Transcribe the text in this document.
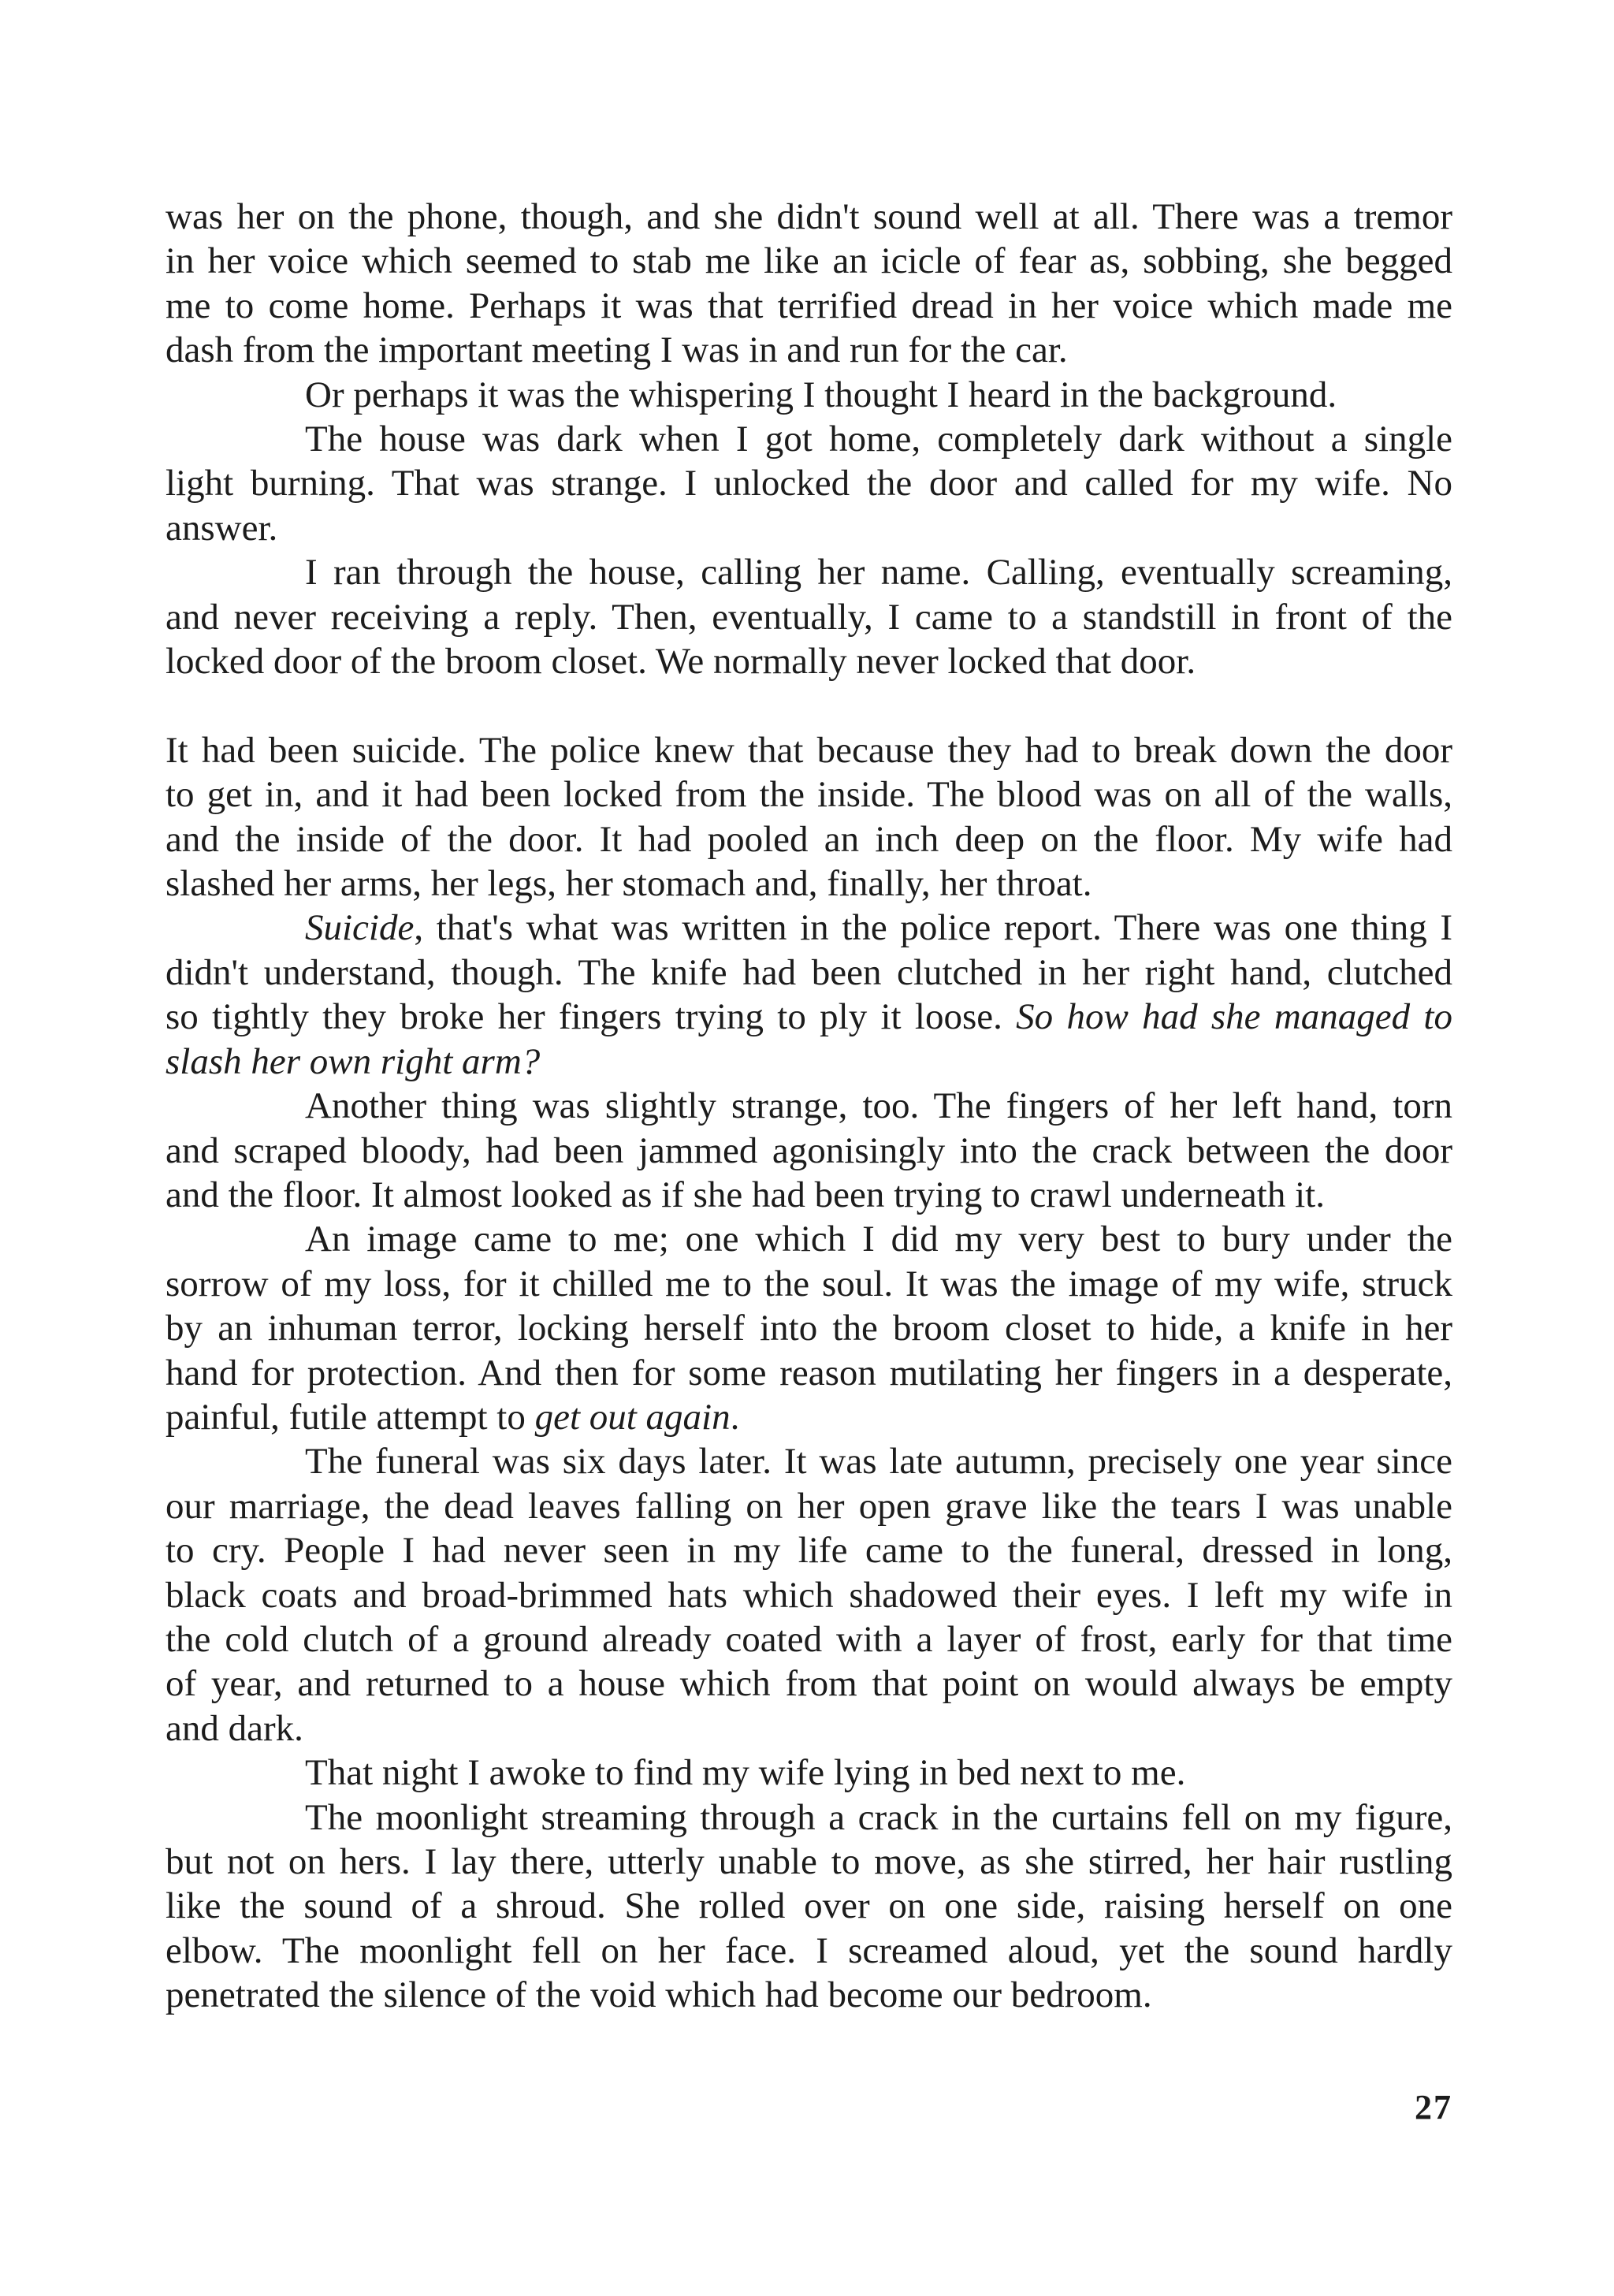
was her on the phone, though, and she didn't sound well at all. There was a tremor
in her voice which seemed to stab me like an icicle of fear as, sobbing, she begged
me to come home. Perhaps it was that terrified dread in her voice which made me
dash from the important meeting I was in and run for the car.
Or perhaps it was the whispering I thought I heard in the background.
The house was dark when I got home, completely dark without a single
light burning. That was strange. I unlocked the door and called for my wife. No
answer.
I ran through the house, calling her name. Calling, eventually screaming,
and never receiving a reply. Then, eventually, I came to a standstill in front of the
locked door of the broom closet. We normally never locked that door.
It had been suicide. The police knew that because they had to break down the door
to get in, and it had been locked from the inside. The blood was on all of the walls,
and the inside of the door. It had pooled an inch deep on the floor. My wife had
slashed her arms, her legs, her stomach and, finally, her throat.
Suicide, that's what was written in the police report. There was one thing I
didn't understand, though. The knife had been clutched in her right hand, clutched
so tightly they broke her fingers trying to ply it loose. So how had she managed to
slash her own right arm?
Another thing was slightly strange, too. The fingers of her left hand, torn
and scraped bloody, had been jammed agonisingly into the crack between the door
and the floor. It almost looked as if she had been trying to crawl underneath it.
An image came to me; one which I did my very best to bury under the
sorrow of my loss, for it chilled me to the soul. It was the image of my wife, struck
by an inhuman terror, locking herself into the broom closet to hide, a knife in her
hand for protection. And then for some reason mutilating her fingers in a desperate,
painful, futile attempt to get out again.
The funeral was six days later. It was late autumn, precisely one year since
our marriage, the dead leaves falling on her open grave like the tears I was unable
to cry. People I had never seen in my life came to the funeral, dressed in long,
black coats and broad-brimmed hats which shadowed their eyes. I left my wife in
the cold clutch of a ground already coated with a layer of frost, early for that time
of year, and returned to a house which from that point on would always be empty
and dark.
That night I awoke to find my wife lying in bed next to me.
The moonlight streaming through a crack in the curtains fell on my figure,
but not on hers. I lay there, utterly unable to move, as she stirred, her hair rustling
like the sound of a shroud. She rolled over on one side, raising herself on one
elbow. The moonlight fell on her face. I screamed aloud, yet the sound hardly
penetrated the silence of the void which had become our bedroom.
27
